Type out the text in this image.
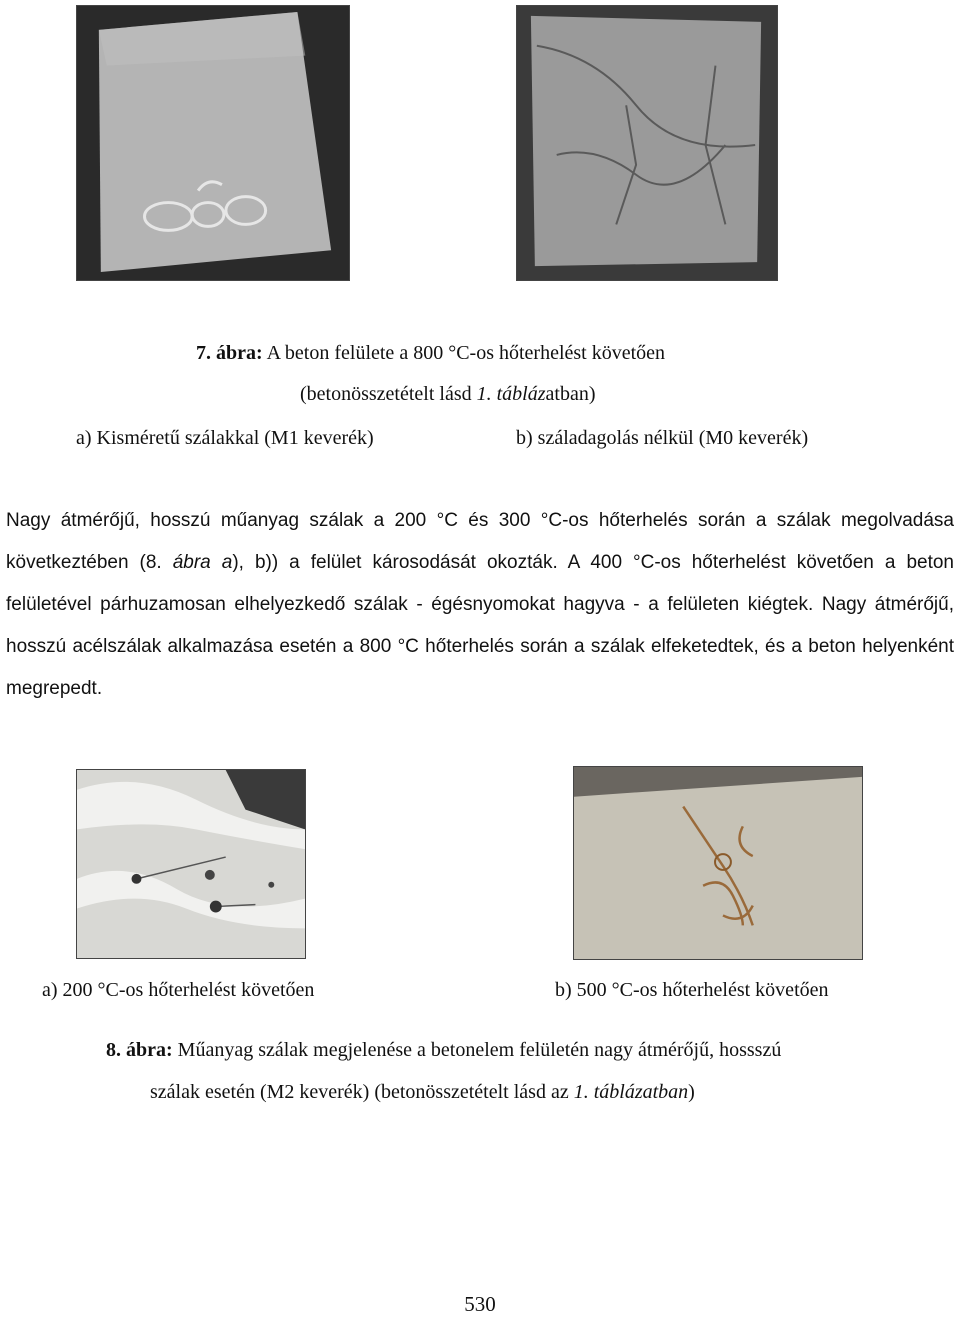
7. ábra: A beton felülete a 800 °C-os hőterhelést követően
(betonösszetételt lásd 1. táblázatban)
a) Kisméretű szálakkal (M1 keverék)	b) száladagolás nélkül (M0 keverék)
Nagy átmérőjű, hosszú műanyag szálak a 200 °C és 300 °C-os hőterhelés során a szálak megolvadása következtében (8. ábra a), b)) a felület károsodását okozták. A 400 °C-os hőterhelést követően a beton felületével párhuzamosan elhelyezkedő szálak - égésnyomokat hagyva - a felületen kiégtek. Nagy átmérőjű, hosszú acélszálak alkalmazása esetén a 800 °C hőterhelés során a szálak elfeketedtek, és a beton helyenként megrepedt.
a) 200 °C-os hőterhelést követően	b) 500 °C-os hőterhelést követően
8. ábra: Műanyag szálak megjelenése a betonelem felületén nagy átmérőjű, hossszú
szálak esetén (M2 keverék) (betonösszetételt lásd az 1. táblázatban)
530
